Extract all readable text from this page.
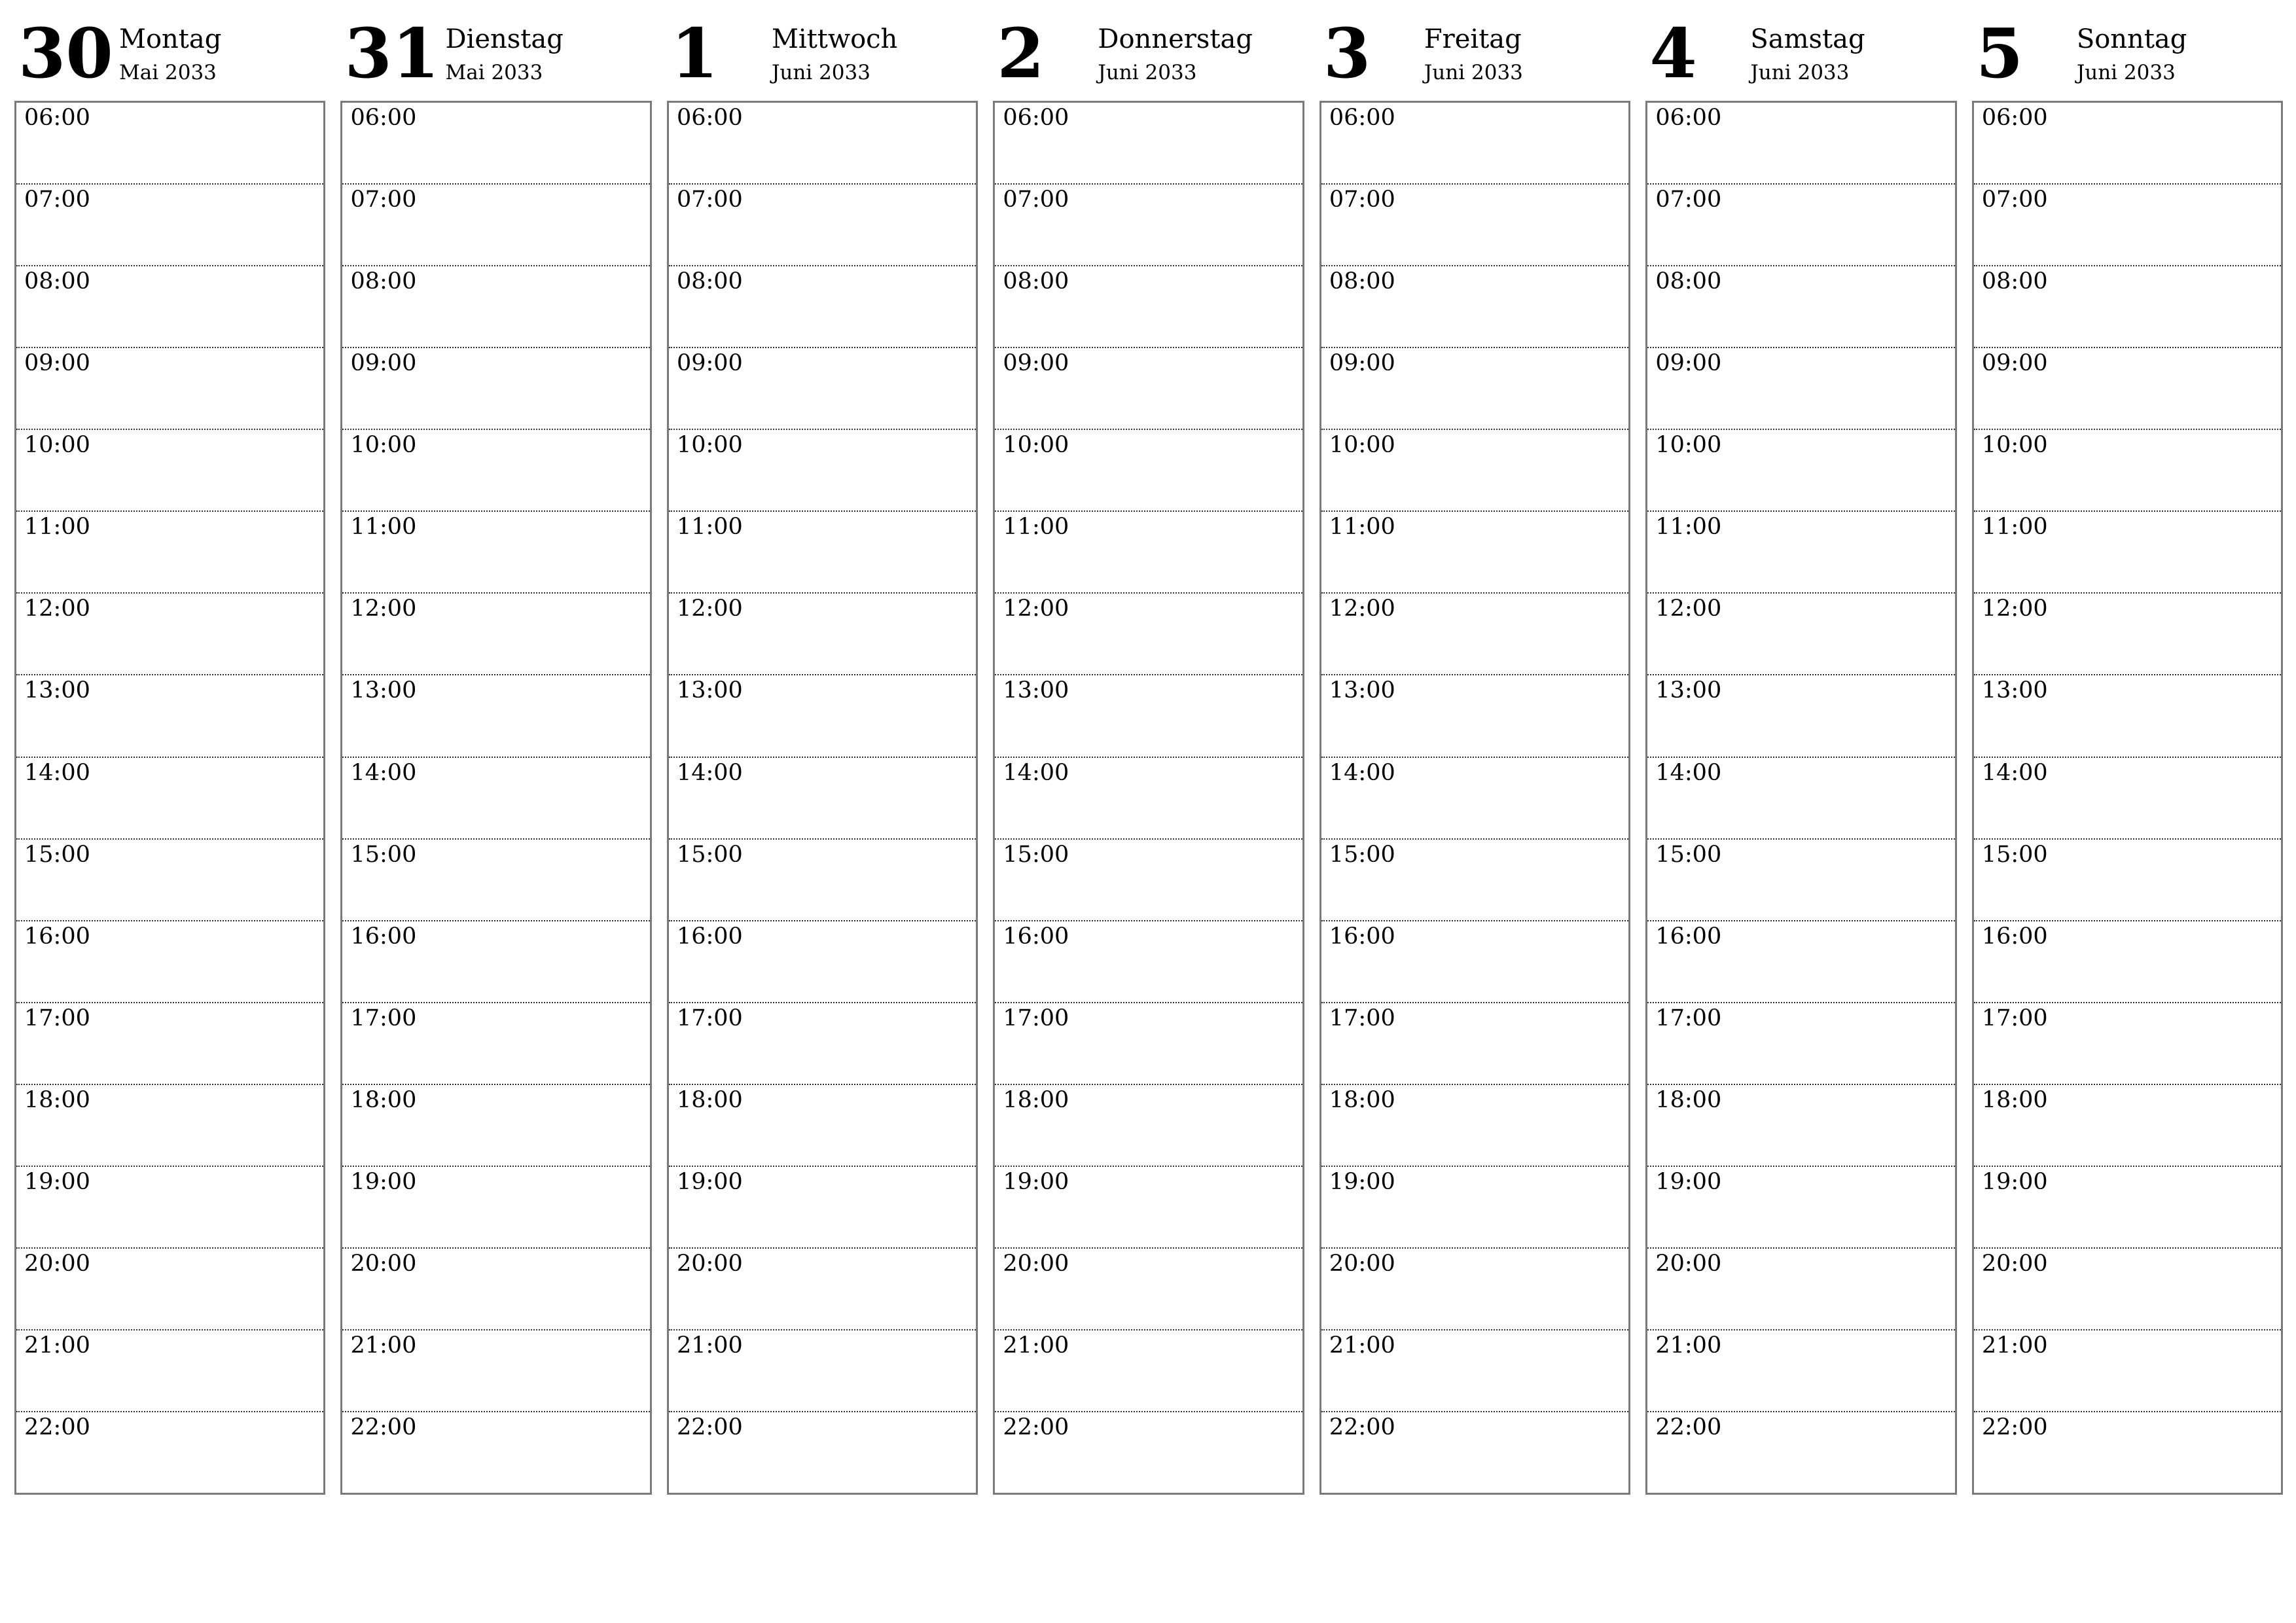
30 Montag
Mai 2033
06:00
07:00
08:00
09:00
10:00
11:00
12:00
13:00
14:00
15:00
16:00
17:00
18:00
19:00
20:00
21:00
22:00
31 Dienstag
Mai 2033
06:00
07:00
08:00
09:00
10:00
11:00
12:00
13:00
14:00
15:00
16:00
17:00
18:00
19:00
20:00
21:00
22:00
1 Mittwoch
Juni 2033
06:00
07:00
08:00
09:00
10:00
11:00
12:00
13:00
14:00
15:00
16:00
17:00
18:00
19:00
20:00
21:00
22:00
2 Donnerstag
Juni 2033
06:00
07:00
08:00
09:00
10:00
11:00
12:00
13:00
14:00
15:00
16:00
17:00
18:00
19:00
20:00
21:00
22:00
3 Freitag
Juni 2033
06:00
07:00
08:00
09:00
10:00
11:00
12:00
13:00
14:00
15:00
16:00
17:00
18:00
19:00
20:00
21:00
22:00
4 Samstag
Juni 2033
06:00
07:00
08:00
09:00
10:00
11:00
12:00
13:00
14:00
15:00
16:00
17:00
18:00
19:00
20:00
21:00
22:00
5 Sonntag
Juni 2033
06:00
07:00
08:00
09:00
10:00
11:00
12:00
13:00
14:00
15:00
16:00
17:00
18:00
19:00
20:00
21:00
22:00
